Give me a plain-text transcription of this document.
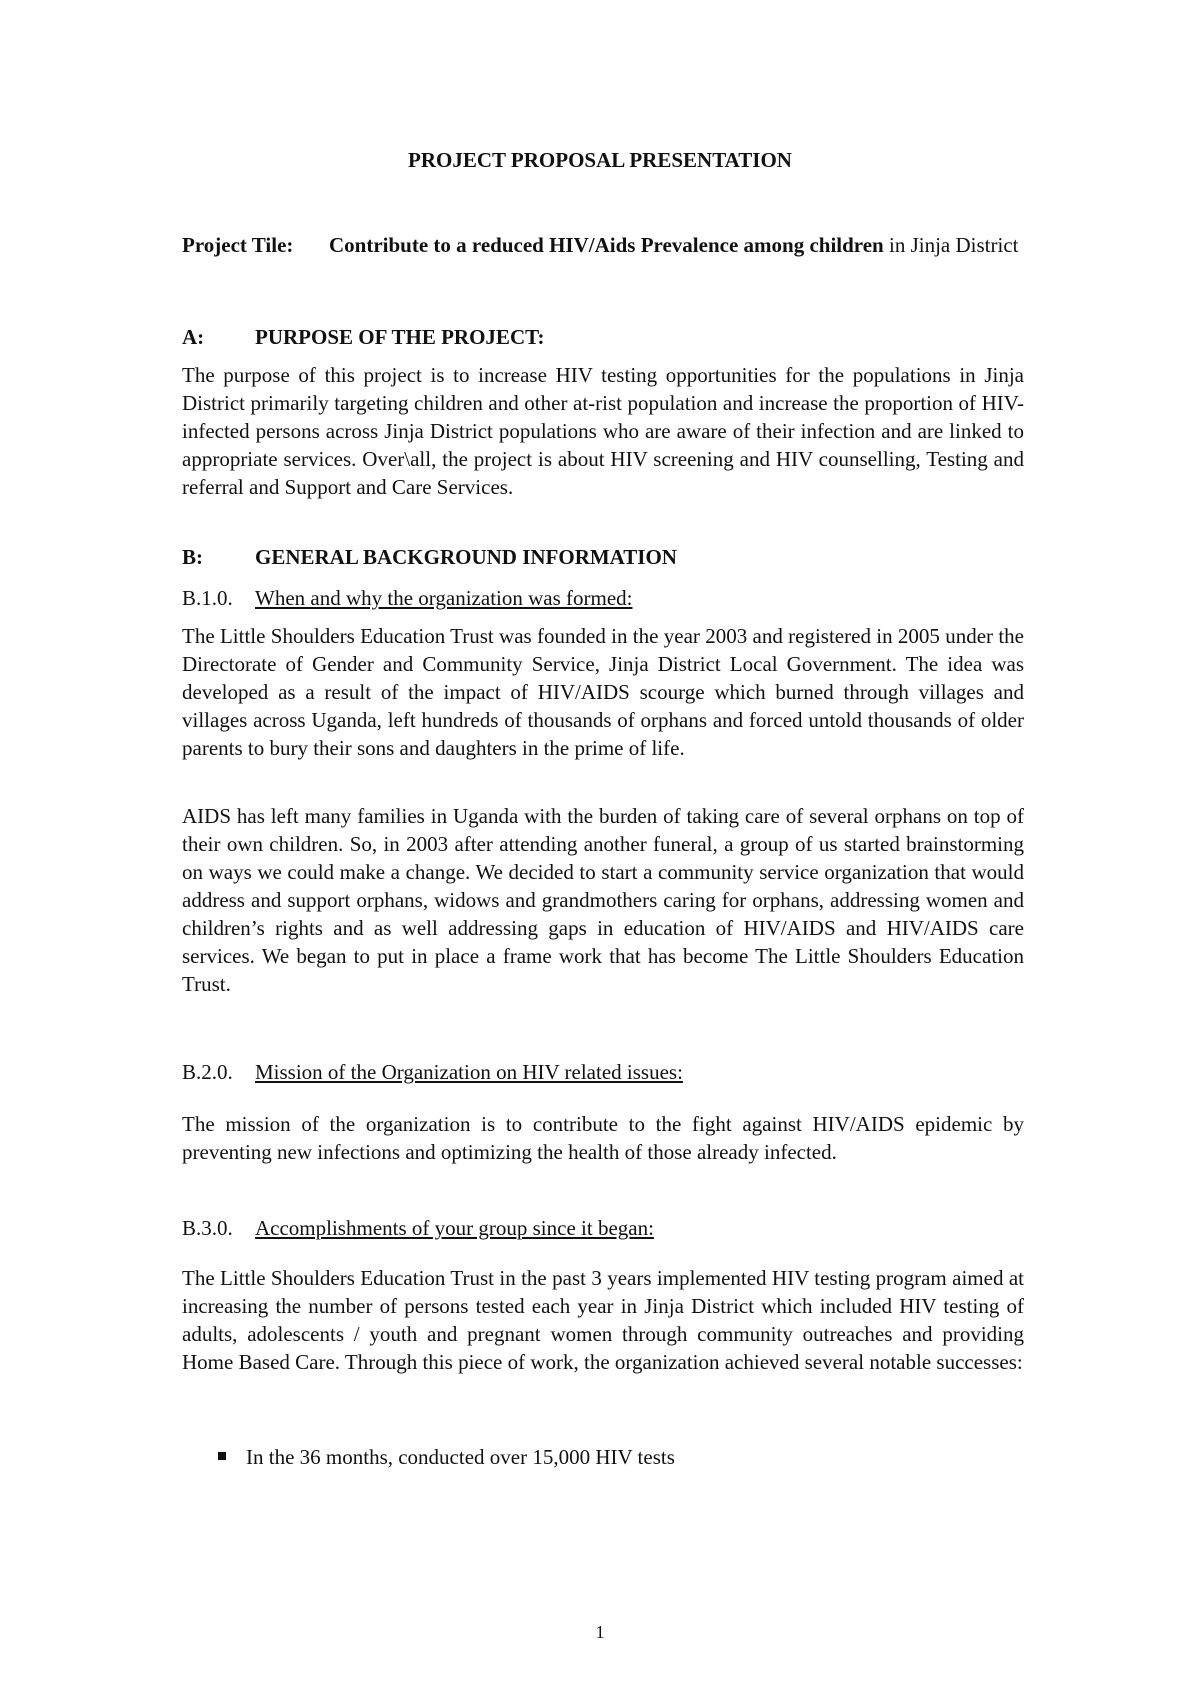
PROJECT PROPOSAL PRESENTATION
Project Tile: Contribute to a reduced HIV/Aids Prevalence among children in Jinja District
A: PURPOSE OF THE PROJECT:
The purpose of this project is to increase HIV testing opportunities for the populations in Jinja District primarily targeting children and other at-rist population and increase the proportion of HIV-infected persons across Jinja District populations who are aware of their infection and are linked to appropriate services. Over\all, the project is about HIV screening and HIV counselling, Testing and referral and Support and Care Services.
B: GENERAL BACKGROUND INFORMATION
B.1.0. When and why the organization was formed:
The Little Shoulders Education Trust was founded in the year 2003 and registered in 2005 under the Directorate of Gender and Community Service, Jinja District Local Government. The idea was developed as a result of the impact of HIV/AIDS scourge which burned through villages and villages across Uganda, left hundreds of thousands of orphans and forced untold thousands of older parents to bury their sons and daughters in the prime of life.
AIDS has left many families in Uganda with the burden of taking care of several orphans on top of their own children. So, in 2003 after attending another funeral, a group of us started brainstorming on ways we could make a change. We decided to start a community service organization that would address and support orphans, widows and grandmothers caring for orphans, addressing women and children’s rights and as well addressing gaps in education of HIV/AIDS and HIV/AIDS care services. We began to put in place a frame work that has become The Little Shoulders Education Trust.
B.2.0. Mission of the Organization on HIV related issues:
The mission of the organization is to contribute to the fight against HIV/AIDS epidemic by preventing new infections and optimizing the health of those already infected.
B.3.0. Accomplishments of your group since it began:
The Little Shoulders Education Trust in the past 3 years implemented HIV testing program aimed at increasing the number of persons tested each year in Jinja District which included HIV testing of adults, adolescents / youth and pregnant women through community outreaches and providing Home Based Care. Through this piece of work, the organization achieved several notable successes:
In the 36 months, conducted over 15,000 HIV tests
1
